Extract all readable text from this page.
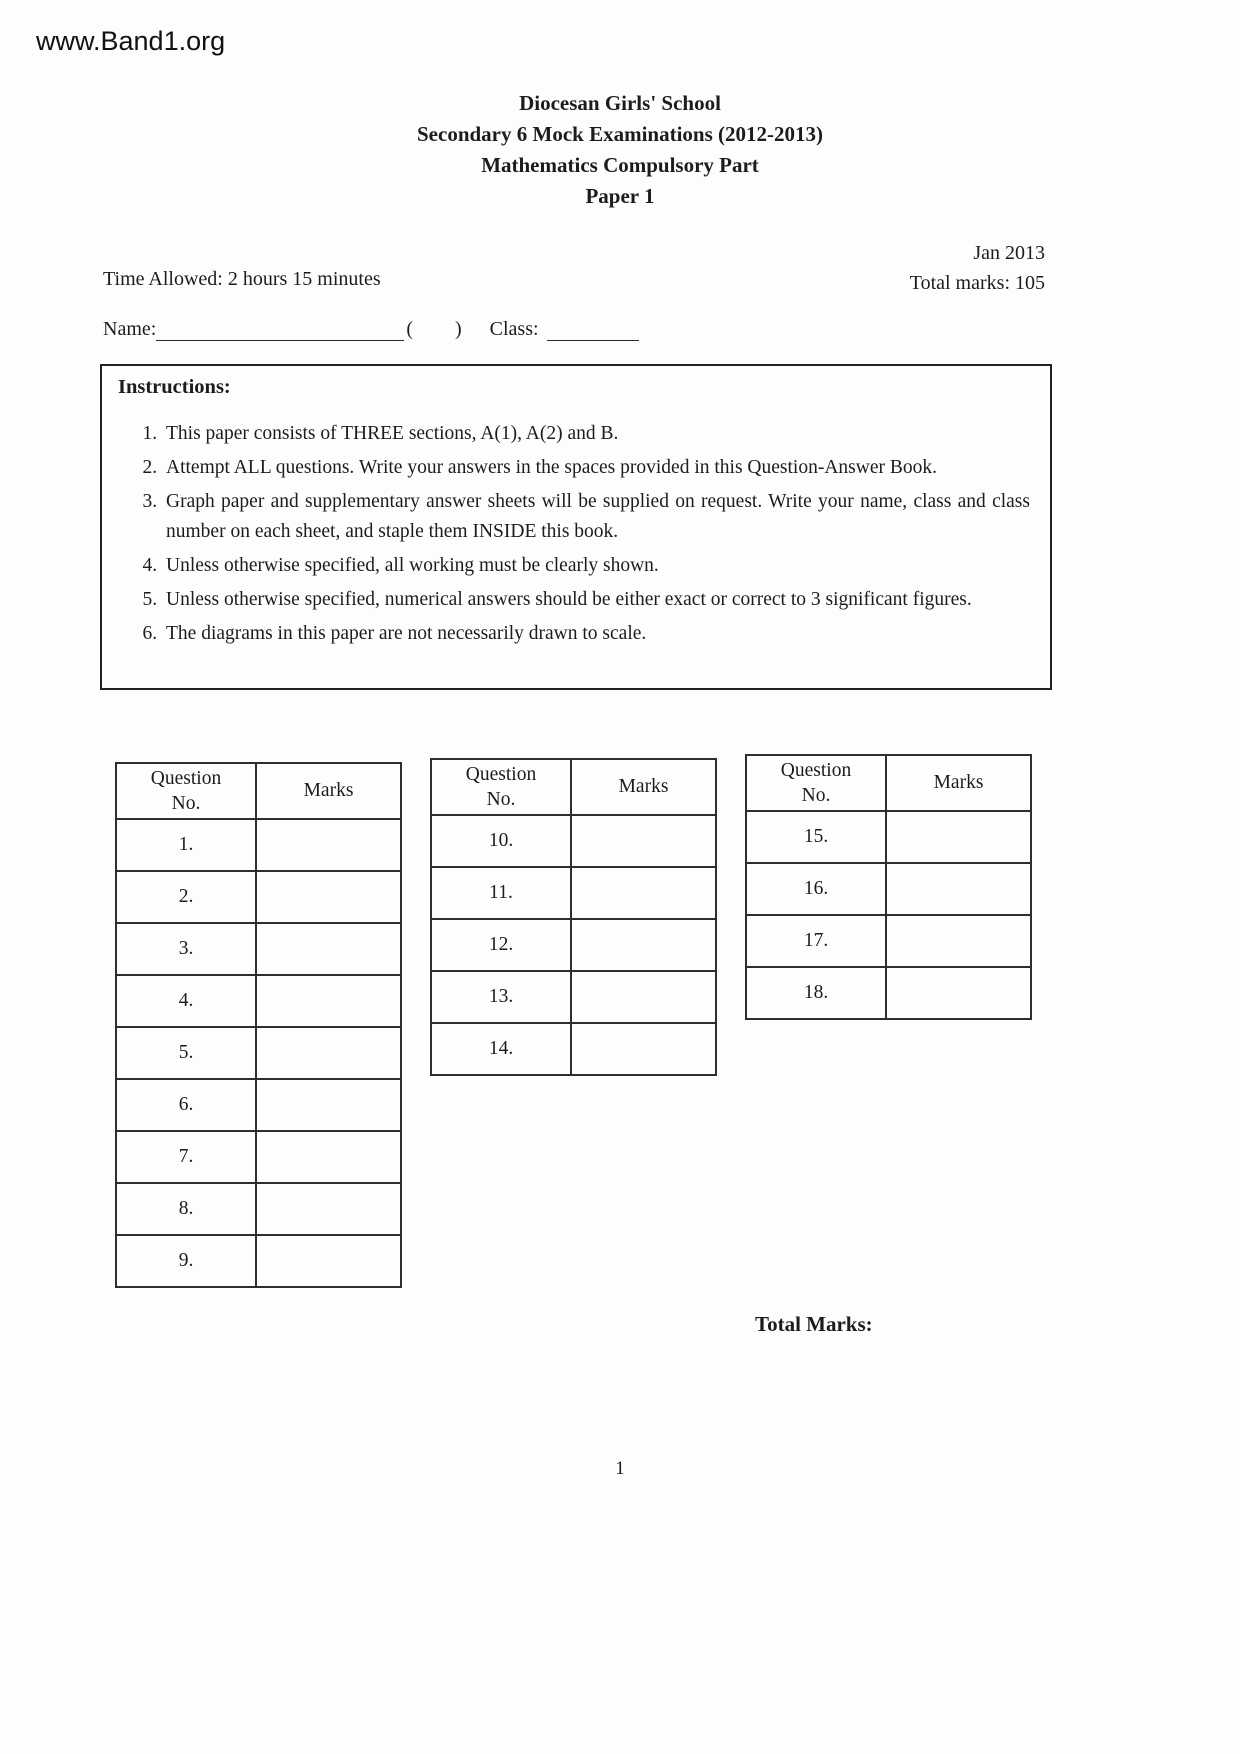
www.Band1.org
Diocesan Girls' School
Secondary 6 Mock Examinations (2012-2013)
Mathematics Compulsory Part
Paper 1
Jan 2013
Total marks: 105
Time Allowed: 2 hours 15 minutes
Name:	( ) Class:
Instructions:
1. This paper consists of THREE sections, A(1), A(2) and B.
2. Attempt ALL questions. Write your answers in the spaces provided in this Question-Answer Book.
3. Graph paper and supplementary answer sheets will be supplied on request. Write your name, class and class number on each sheet, and staple them INSIDE this book.
4. Unless otherwise specified, all working must be clearly shown.
5. Unless otherwise specified, numerical answers should be either exact or correct to 3 significant figures.
6. The diagrams in this paper are not necessarily drawn to scale.
Question No.	Marks
1.	
2.	
3.	
4.	
5.	
6.	
7.	
8.	
9.	
Question No.	Marks
10.	
11.	
12.	
13.	
14.	
Question No.	Marks
15.	
16.	
17.	
18.	
Total Marks:
1
